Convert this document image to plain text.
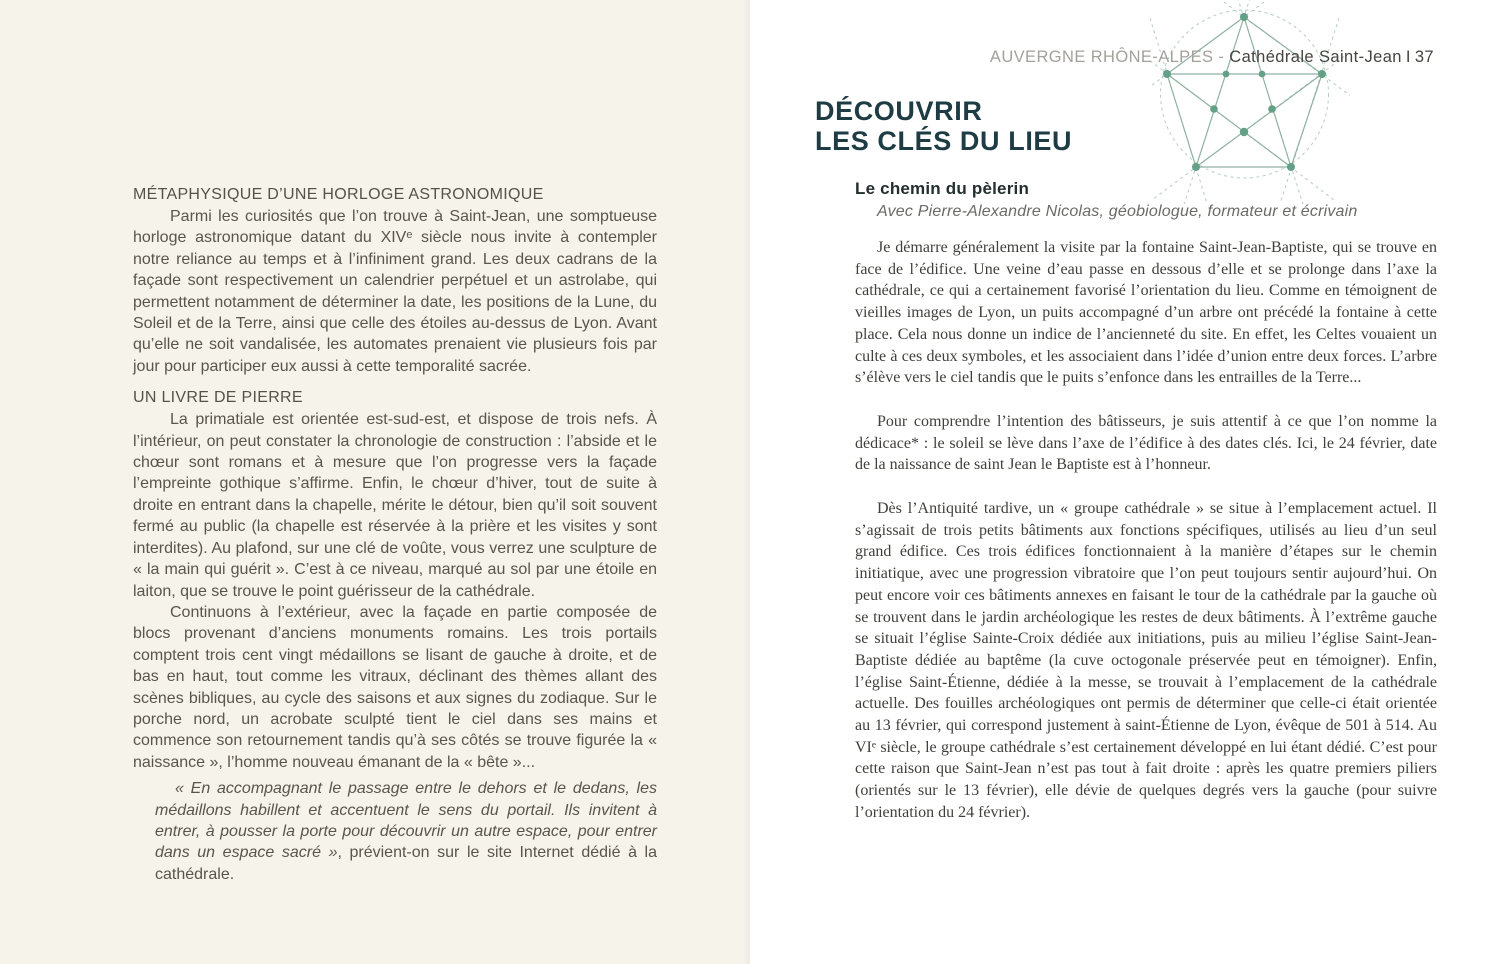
MÉTAPHYSIQUE D’UNE HORLOGE ASTRONOMIQUE

Parmi les curiosités que l’on trouve à Saint-Jean, une somptueuse horloge astronomique datant du XIVᵉ siècle nous invite à contempler notre reliance au temps et à l’infiniment grand. Les deux cadrans de la façade sont respectivement un calendrier perpétuel et un astrolabe, qui permettent notamment de déterminer la date, les positions de la Lune, du Soleil et de la Terre, ainsi que celle des étoiles au-dessus de Lyon. Avant qu’elle ne soit vandalisée, les automates prenaient vie plusieurs fois par jour pour participer eux aussi à cette temporalité sacrée.

UN LIVRE DE PIERRE

La primatiale est orientée est-sud-est, et dispose de trois nefs. À l’intérieur, on peut constater la chronologie de construction : l’abside et le chœur sont romans et à mesure que l’on progresse vers la façade l’empreinte gothique s’affirme. Enfin, le chœur d’hiver, tout de suite à droite en entrant dans la chapelle, mérite le détour, bien qu’il soit souvent fermé au public (la chapelle est réservée à la prière et les visites y sont interdites). Au plafond, sur une clé de voûte, vous verrez une sculpture de « la main qui guérit ». C’est à ce niveau, marqué au sol par une étoile en laiton, que se trouve le point guérisseur de la cathédrale.

Continuons à l’extérieur, avec la façade en partie composée de blocs provenant d’anciens monuments romains. Les trois portails comptent trois cent vingt médaillons se lisant de gauche à droite, et de bas en haut, tout comme les vitraux, déclinant des thèmes allant des scènes bibliques, au cycle des saisons et aux signes du zodiaque. Sur le porche nord, un acrobate sculpté tient le ciel dans ses mains et commence son retournement tandis qu’à ses côtés se trouve figurée la « naissance », l’homme nouveau émanant de la « bête »...

« En accompagnant le passage entre le dehors et le dedans, les médaillons habillent et accentuent le sens du portail. Ils invitent à entrer, à pousser la porte pour découvrir un autre espace, pour entrer dans un espace sacré », prévient-on sur le site Internet dédié à la cathédrale.
AUVERGNE RHÔNE-ALPES - Cathédrale Saint-Jean I 37
DÉCOUVRIR
LES CLÉS DU LIEU
Le chemin du pèlerin

Avec Pierre-Alexandre Nicolas, géobiologue, formateur et écrivain

Je démarre généralement la visite par la fontaine Saint-Jean-Baptiste, qui se trouve en face de l’édifice. Une veine d’eau passe en dessous d’elle et se prolonge dans l’axe la cathédrale, ce qui a certainement favorisé l’orientation du lieu. Comme en témoignent de vieilles images de Lyon, un puits accompagné d’un arbre ont précédé la fontaine à cette place. Cela nous donne un indice de l’ancienneté du site. En effet, les Celtes vouaient un culte à ces deux symboles, et les associaient dans l’idée d’union entre deux forces. L’arbre s’élève vers le ciel tandis que le puits s’enfonce dans les entrailles de la Terre...

Pour comprendre l’intention des bâtisseurs, je suis attentif à ce que l’on nomme la dédicace* : le soleil se lève dans l’axe de l’édifice à des dates clés. Ici, le 24 février, date de la naissance de saint Jean le Baptiste est à l’honneur.

Dès l’Antiquité tardive, un « groupe cathédrale » se situe à l’emplacement actuel. Il s’agissait de trois petits bâtiments aux fonctions spécifiques, utilisés au lieu d’un seul grand édifice. Ces trois édifices fonctionnaient à la manière d’étapes sur le chemin initiatique, avec une progression vibratoire que l’on peut toujours sentir aujourd’hui. On peut encore voir ces bâtiments annexes en faisant le tour de la cathédrale par la gauche où se trouvent dans le jardin archéologique les restes de deux bâtiments. À l’extrême gauche se situait l’église Sainte-Croix dédiée aux initiations, puis au milieu l’église Saint-Jean-Baptiste dédiée au baptême (la cuve octogonale préservée peut en témoigner). Enfin, l’église Saint-Étienne, dédiée à la messe, se trouvait à l’emplacement de la cathédrale actuelle. Des fouilles archéologiques ont permis de déterminer que celle-ci était orientée au 13 février, qui correspond justement à saint-Étienne de Lyon, évêque de 501 à 514. Au VIᵉ siècle, le groupe cathédrale s’est certainement développé en lui étant dédié. C’est pour cette raison que Saint-Jean n’est pas tout à fait droite : après les quatre premiers piliers (orientés sur le 13 février), elle dévie de quelques degrés vers la gauche (pour suivre l’orientation du 24 février).
